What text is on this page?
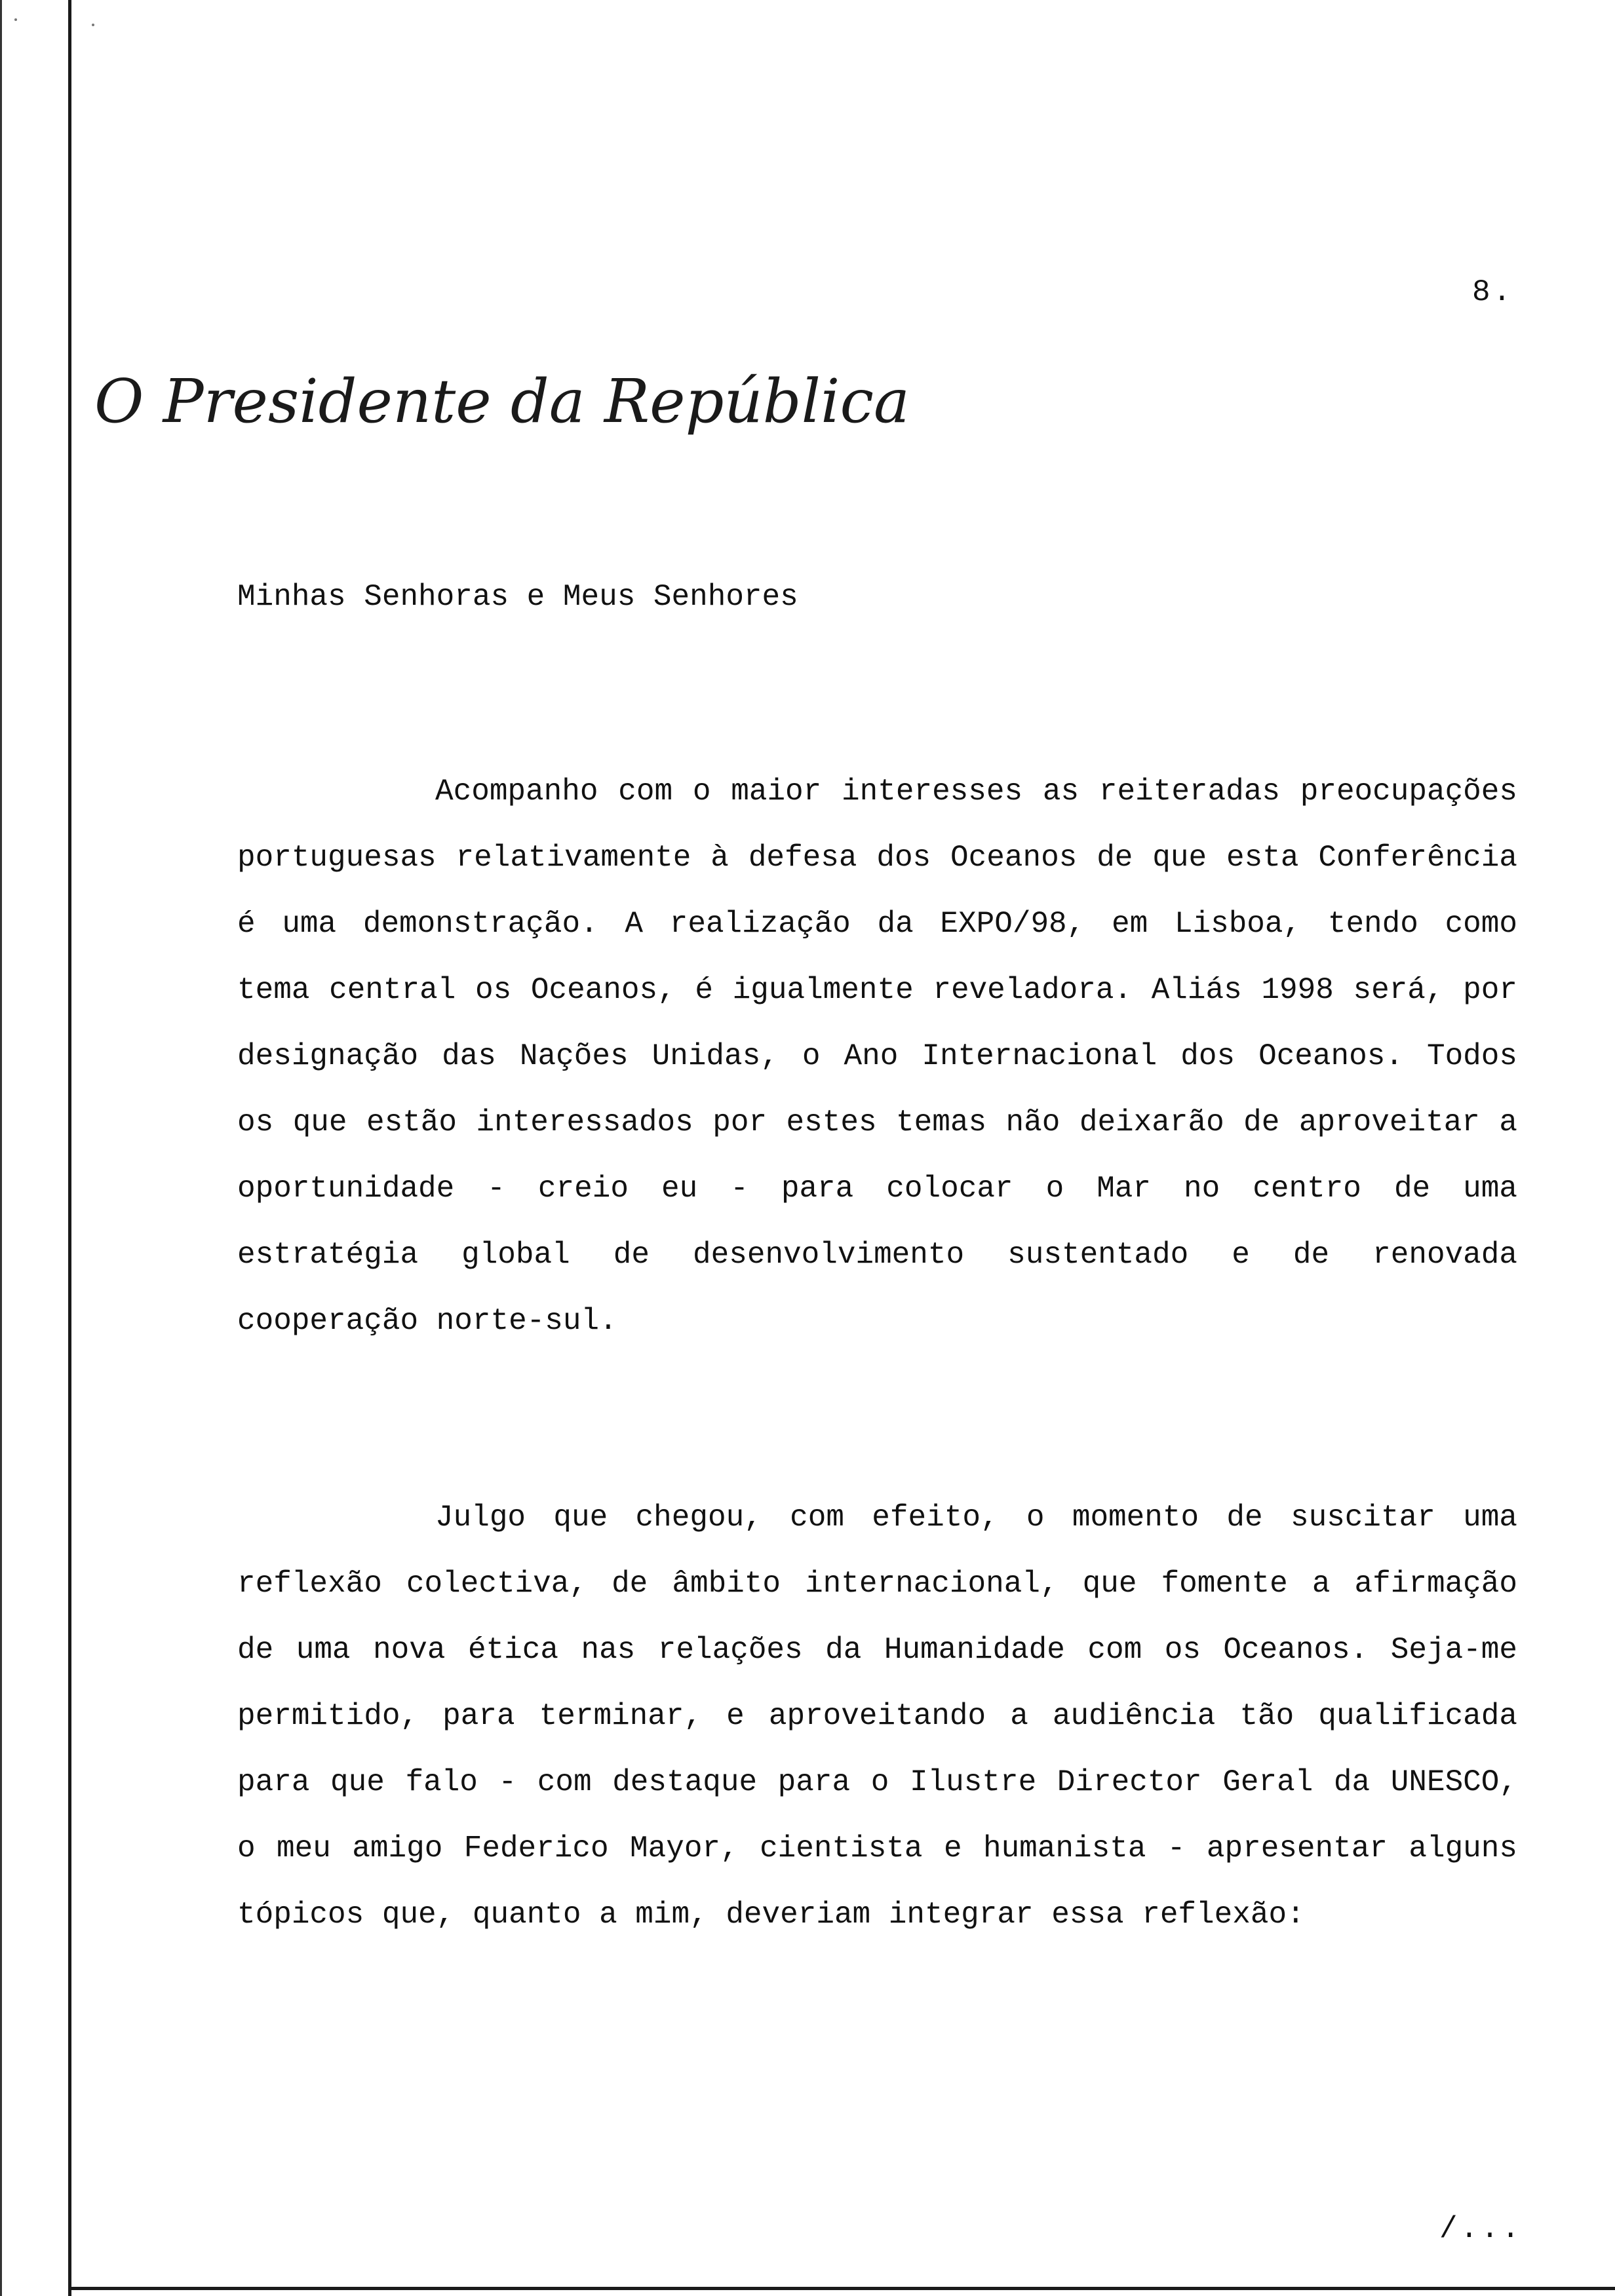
8.
O Presidente da República
Minhas Senhoras e Meus Senhores

Acompanho com o maior interesses as reiteradas preocupações portuguesas relativamente à defesa dos Oceanos de que esta Conferência é uma demonstração. A realização da EXPO/98, em Lisboa, tendo como tema central os Oceanos, é igualmente reveladora. Aliás 1998 será, por designação das Nações Unidas, o Ano Internacional dos Oceanos. Todos os que estão interessados por estes temas não deixarão de aproveitar a oportunidade - creio eu - para colocar o Mar no centro de uma estratégia global de desenvolvimento sustentado e de renovada cooperação norte-sul.

Julgo que chegou, com efeito, o momento de suscitar uma reflexão colectiva, de âmbito internacional, que fomente a afirmação de uma nova ética nas relações da Humanidade com os Oceanos. Seja-me permitido, para terminar, e aproveitando a audiência tão qualificada para que falo - com destaque para o Ilustre Director Geral da UNESCO, o meu amigo Federico Mayor, cientista e humanista - apresentar alguns tópicos que, quanto a mim, deveriam integrar essa reflexão:

/...
